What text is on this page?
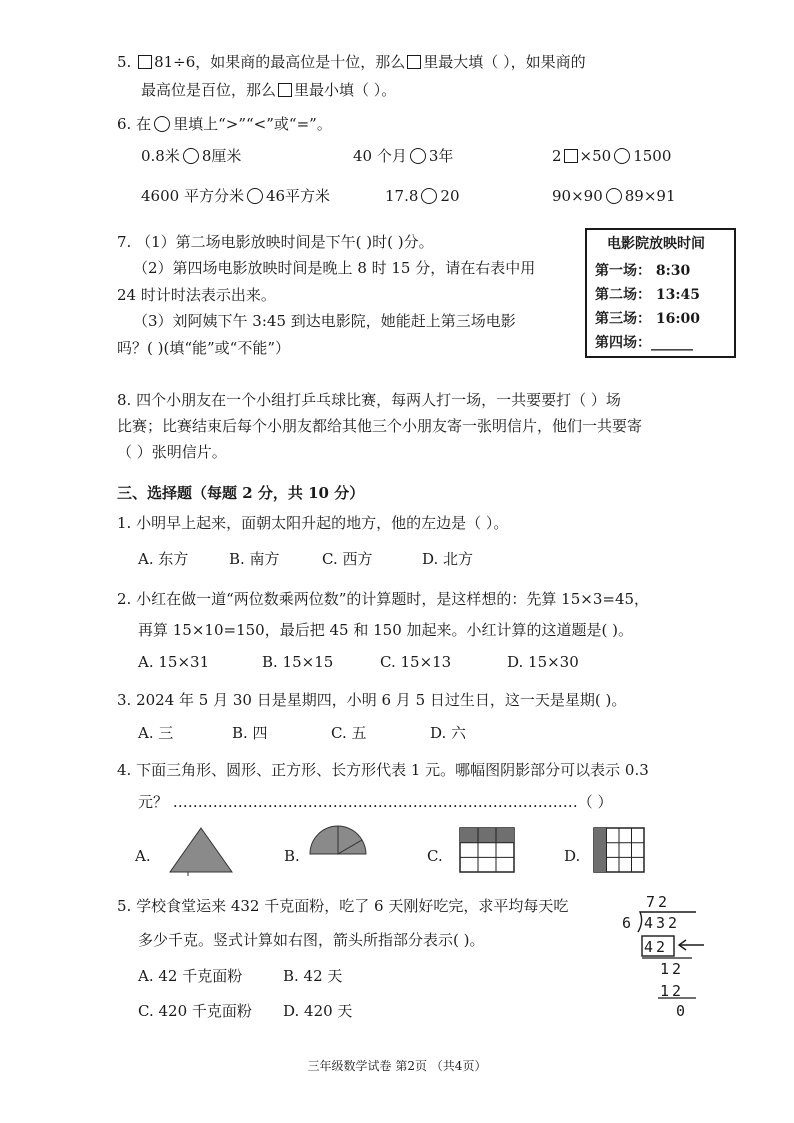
5. 81÷6，如果商的最高位是十位，那么 里最大填（ ），如果商的
最高位是百位，那么 里最小填（ ）。
6. 在 里填上“>”“<”或“=”。
0.8米 8厘米	40 个月 3年	2 ×50 1500
4600 平方分米 46平方米	17.8 20	90×90 89×91
7. （1）第二场电影放映时间是下午( )时( )分。
（2）第四场电影放映时间是晚上 8 时 15 分，请在右表中用
24 时计时法表示出来。
（3）刘阿姨下午 3:45 到达电影院，她能赶上第三场电影
吗？( )(填“能”或“不能”）
电影院放映时间
第一场： 8:30
第二场： 13:45
第三场： 16:00
第四场：______
8. 四个小朋友在一个小组打乒乓球比赛，每两人打一场，一共要要打（ ）场
比赛；比赛结束后每个小朋友都给其他三个小朋友寄一张明信片，他们一共要寄
（ ）张明信片。
三、选择题（每题 2 分，共 10 分）
1. 小明早上起来，面朝太阳升起的地方，他的左边是（ ）。
A. 东方	B. 南方	C. 西方	D. 北方
2. 小红在做一道“两位数乘两位数”的计算题时，是这样想的：先算 15×3=45，
再算 15×10=150，最后把 45 和 150 加起来。小红计算的这道题是( )。
A. 15×31	B. 15×15	C. 15×13	D. 15×30
3. 2024 年 5 月 30 日是星期四，小明 6 月 5 日过生日，这一天是星期( )。
A. 三	B. 四	C. 五	D. 六
4. 下面三角形、圆形、正方形、长方形代表 1 元。哪幅图阴影部分可以表示 0.3
元？ ………………………………………………………………………（ ）
A.	B.	C.	D.
5. 学校食堂运来 432 千克面粉，吃了 6 天刚好吃完，求平均每天吃
多少千克。竖式计算如右图，箭头所指部分表示( )。
A. 42 千克面粉	B. 42 天
C. 420 千克面粉 D. 420 天
72
6 432
42
12
12
0
三年级数学试卷 第2页 （共4页）
